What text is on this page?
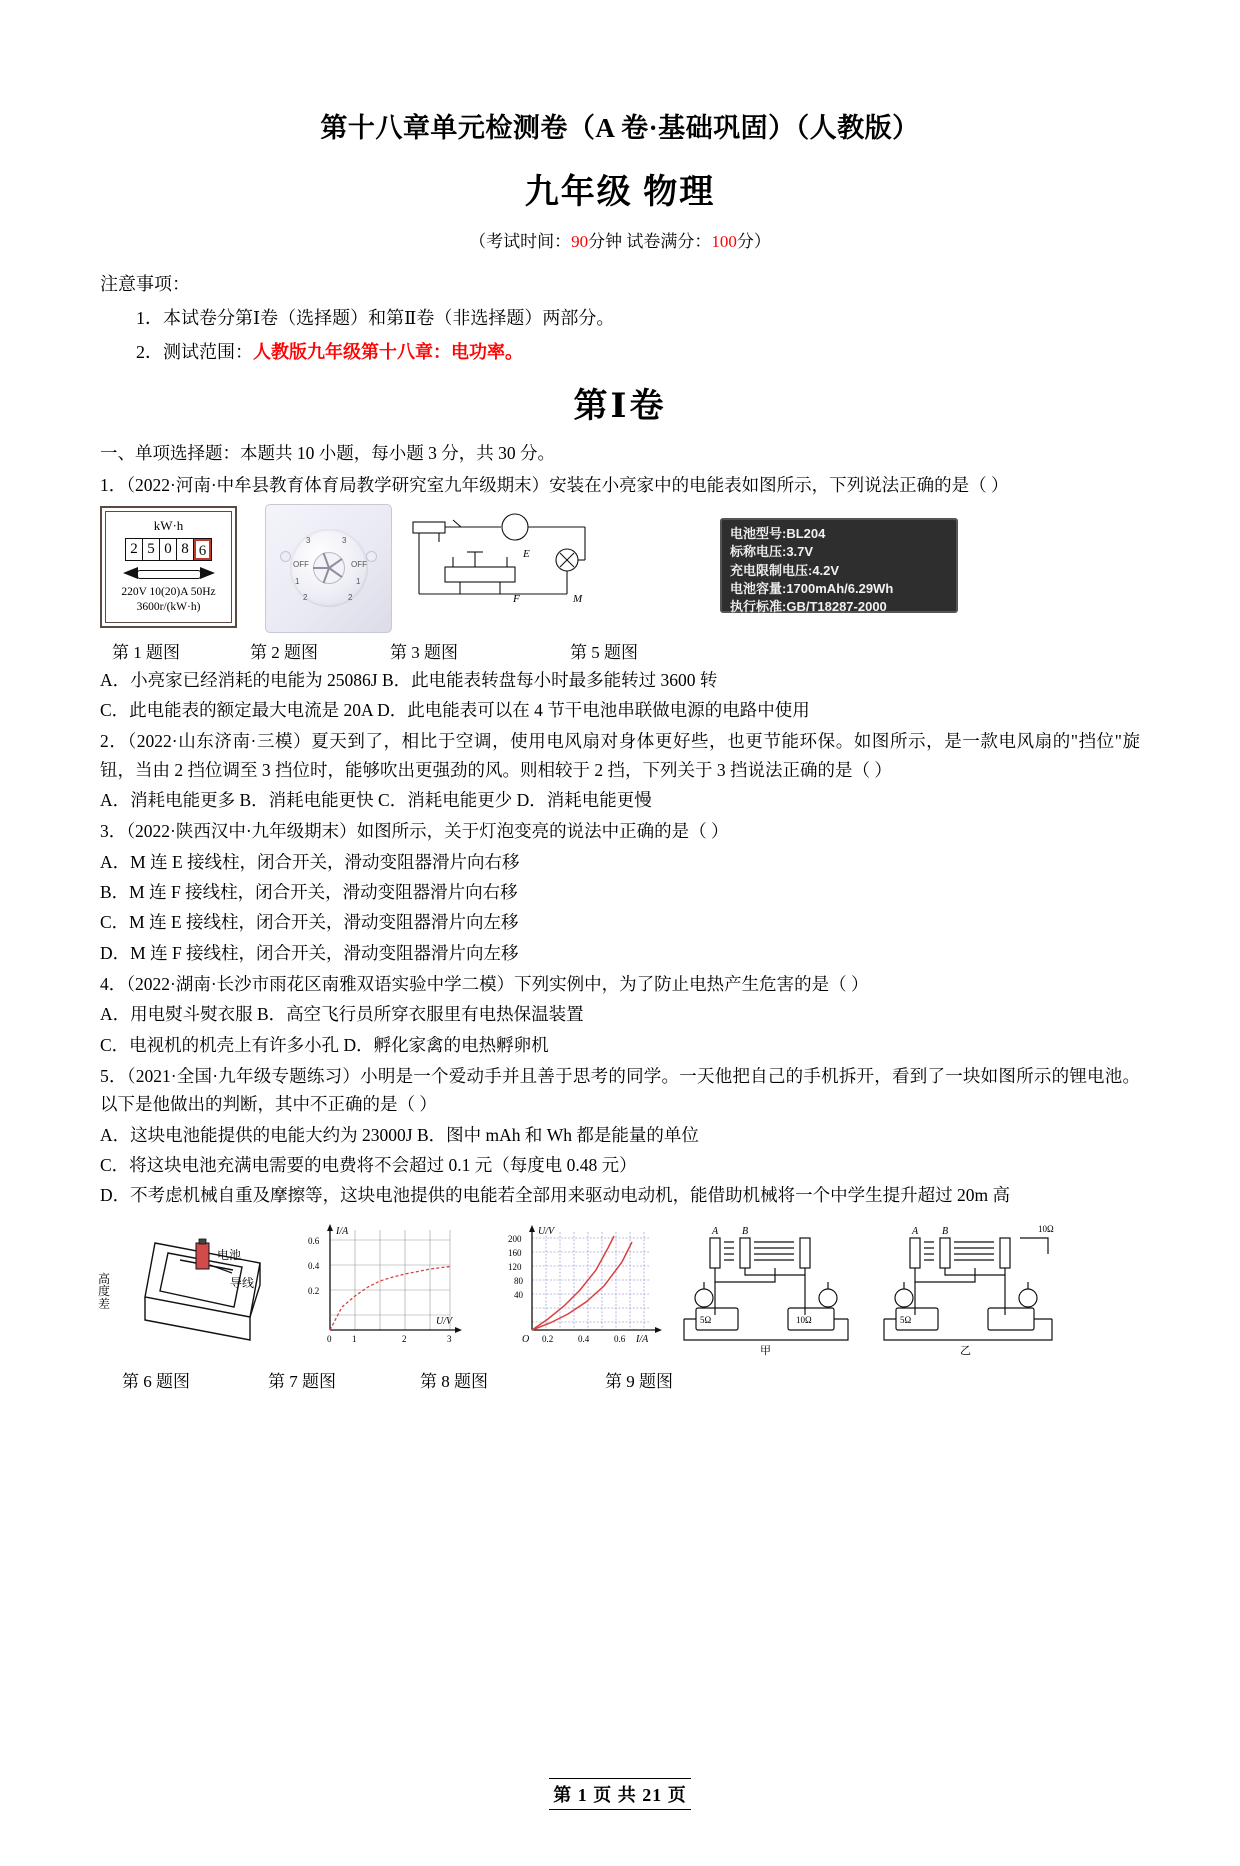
第十八章单元检测卷（A 卷·基础巩固）（人教版）
九年级 物理
（考试时间：90分钟 试卷满分：100分）
注意事项：
1．本试卷分第Ⅰ卷（选择题）和第Ⅱ卷（非选择题）两部分。
2．测试范围：人教版九年级第十八章：电功率。
第Ⅰ卷
一、单项选择题：本题共 10 小题，每小题 3 分，共 30 分。
1．（2022·河南·中牟县教育体育局教学研究室九年级期末）安装在小亮家中的电能表如图所示，下列说法正确的是（ ）
kW·h
2 5 0 8 6
220V 10(20)A 50Hz
3600r/(kW·h)
OFF	OFF
1	1
2	2
3	3
E
F	M
电池型号:BL204
标称电压:3.7V
充电限制电压:4.2V
电池容量:1700mAh/6.29Wh
执行标准:GB/T18287-2000
第 1 题图	第 2 题图	第 3 题图	第 5 题图
A．小亮家已经消耗的电能为 25086J B．此电能表转盘每小时最多能转过 3600 转
C．此电能表的额定最大电流是 20A D．此电能表可以在 4 节干电池串联做电源的电路中使用
2．（2022·山东济南·三模）夏天到了，相比于空调，使用电风扇对身体更好些，也更节能环保。如图所示，是一款电风扇的"挡位"旋钮，当由 2 挡位调至 3 挡位时，能够吹出更强劲的风。则相较于 2 挡，下列关于 3 挡说法正确的是（ ）
A．消耗电能更多 B．消耗电能更快 C．消耗电能更少 D．消耗电能更慢
3．（2022·陕西汉中·九年级期末）如图所示，关于灯泡变亮的说法中正确的是（ ）
A．M 连 E 接线柱，闭合开关，滑动变阻器滑片向右移
B．M 连 F 接线柱，闭合开关，滑动变阻器滑片向右移
C．M 连 E 接线柱，闭合开关，滑动变阻器滑片向左移
D．M 连 F 接线柱，闭合开关，滑动变阻器滑片向左移
4．（2022·湖南·长沙市雨花区南雅双语实验中学二模）下列实例中，为了防止电热产生危害的是（ ）
A．用电熨斗熨衣服 B．高空飞行员所穿衣服里有电热保温装置
C．电视机的机壳上有许多小孔 D．孵化家禽的电热孵卵机
5．（2021·全国·九年级专题练习）小明是一个爱动手并且善于思考的同学。一天他把自己的手机拆开，看到了一块如图所示的锂电池。以下是他做出的判断，其中不正确的是（ ）
A．这块电池能提供的电能大约为 23000J B．图中 mAh 和 Wh 都是能量的单位
C．将这块电池充满电需要的电费将不会超过 0.1 元（每度电 0.48 元）
D．不考虑机械自重及摩擦等，这块电池提供的电能若全部用来驱动电动机，能借助机械将一个中学生提升超过 20m 高
电池
导线
高度差
0.6
0.4
0.2
0 1	2	3
I/A
U/V
200
160
120
80
40
O 0.2	0.4	0.6
U/V
I/A
A B
5Ω	10Ω
甲
A B	10Ω
5Ω
乙
第 6 题图	第 7 题图	第 8 题图	第 9 题图
第 1 页 共 21 页
